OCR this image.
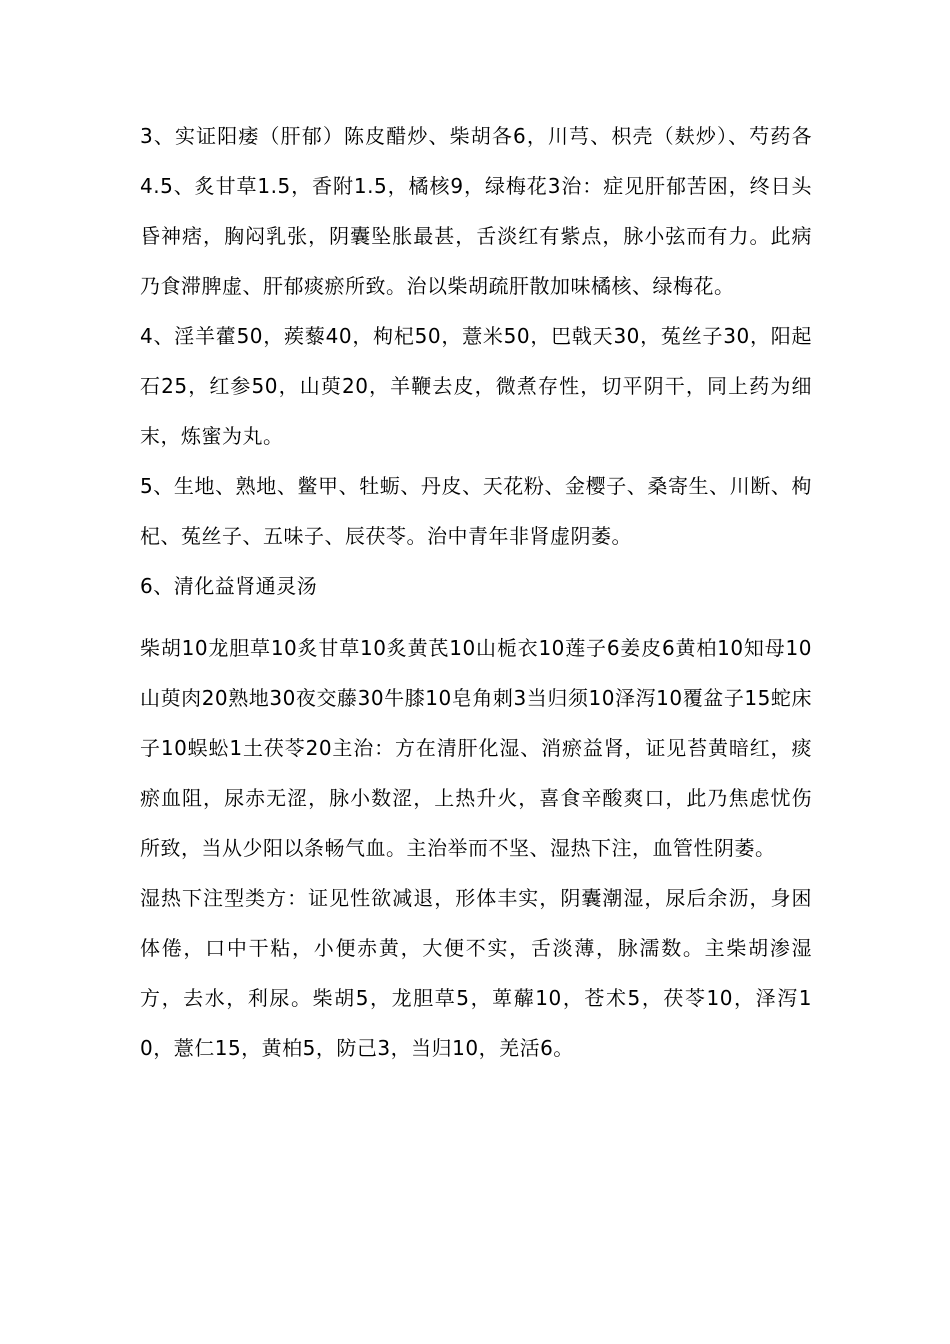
3、实证阳痿（肝郁）陈皮醋炒、柴胡各6，川芎、枳壳（麸炒）、芍药各4.5、炙甘草1.5，香附1.5，橘核9，绿梅花3治：症见肝郁苦困，终日头昏神痞，胸闷乳张，阴囊坠胀最甚，舌淡红有紫点，脉小弦而有力。此病乃食滞脾虚、肝郁痰瘀所致。治以柴胡疏肝散加味橘核、绿梅花。

4、淫羊藿50，蒺藜40，枸杞50，薏米50，巴戟天30，菟丝子30，阳起石25，红参50，山萸20，羊鞭去皮，微煮存性，切平阴干，同上药为细末，炼蜜为丸。

5、生地、熟地、鳖甲、牡蛎、丹皮、天花粉、金樱子、桑寄生、川断、枸杞、菟丝子、五味子、辰茯苓。治中青年非肾虚阴萎。

6、清化益肾通灵汤

柴胡10龙胆草10炙甘草10炙黄芪10山栀衣10莲子6姜皮6黄柏10知母10山萸肉20熟地30夜交藤30牛膝10皂角刺3当归须10泽泻10覆盆子15蛇床子10蜈蚣1土茯苓20主治：方在清肝化湿、消瘀益肾，证见苔黄暗红，痰瘀血阻，尿赤无涩，脉小数涩，上热升火，喜食辛酸爽口，此乃焦虑忧伤所致，当从少阳以条畅气血。主治举而不坚、湿热下注，血管性阴萎。

湿热下注型类方：证见性欲减退，形体丰实，阴囊潮湿，尿后余沥，身困体倦，口中干粘，小便赤黄，大便不实，舌淡薄，脉濡数。主柴胡渗湿方，去水，利尿。柴胡5，龙胆草5，萆薢10，苍术5，茯苓10，泽泻10，薏仁15，黄柏5，防己3，当归10，羌活6。
